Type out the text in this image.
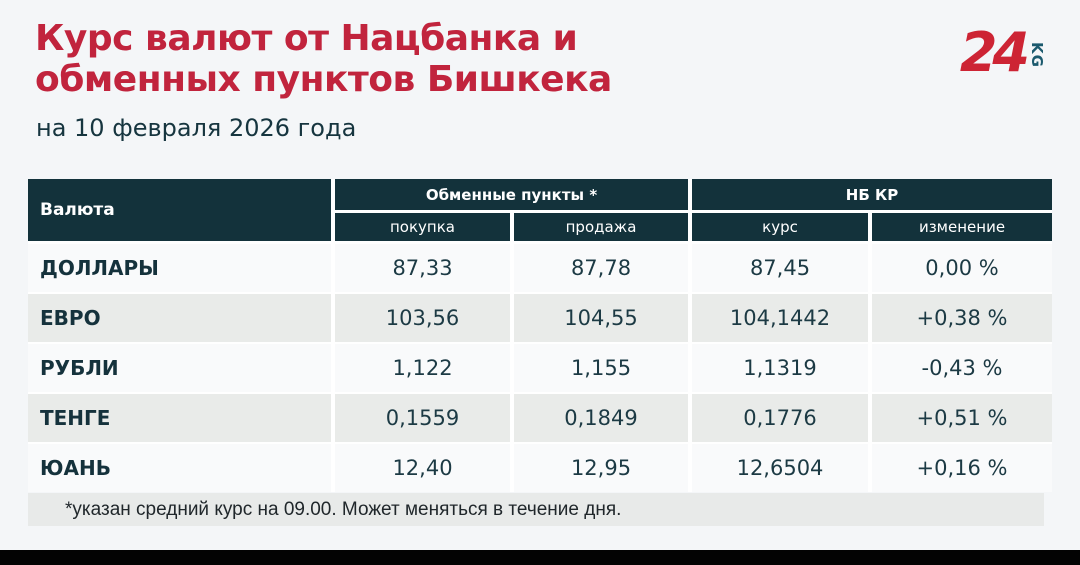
Курс валют от Нацбанка и
обменных пунктов Бишкека	24 KG
на 10 февраля 2026 года
Валюта
Обменные пункты *	НБ КР
покупка	продажа	курс	изменение
ДОЛЛАРЫ	87,33	87,78	87,45	0,00 %
ЕВРО	103,56	104,55	104,1442	+0,38 %
РУБЛИ	1,122	1,155	1,1319	-0,43 %
ТЕНГЕ	0,1559	0,1849	0,1776	+0,51 %
ЮАНЬ	12,40	12,95	12,6504	+0,16 %
*указан средний курс на 09.00. Может меняться в течение дня.
